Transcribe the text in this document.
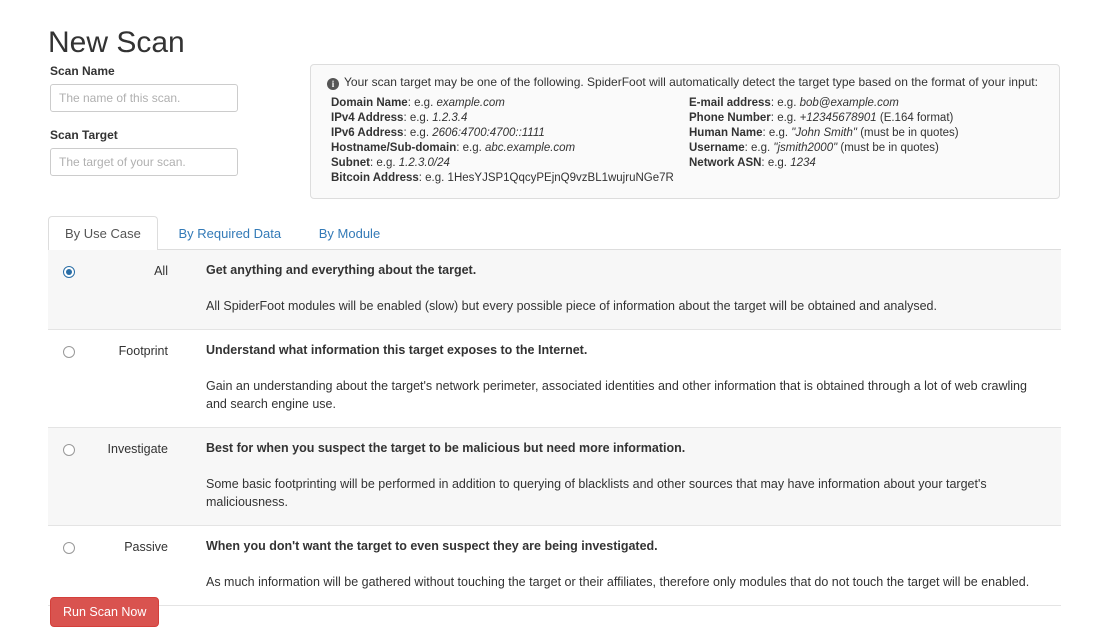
New Scan
Scan Name
The name of this scan.
Scan Target
The target of your scan.
i Your scan target may be one of the following. SpiderFoot will automatically detect the target type based on the format of your input:
Domain Name: e.g. example.com
IPv4 Address: e.g. 1.2.3.4
IPv6 Address: e.g. 2606:4700:4700::1111
Hostname/Sub-domain: e.g. abc.example.com
Subnet: e.g. 1.2.3.0/24
Bitcoin Address: e.g. 1HesYJSP1QqcyPEjnQ9vzBL1wujruNGe7R
E-mail address: e.g. bob@example.com
Phone Number: e.g. +12345678901 (E.164 format)
Human Name: e.g. "John Smith" (must be in quotes)
Username: e.g. "jsmith2000" (must be in quotes)
Network ASN: e.g. 1234
By Use Case	By Required Data	By Module
All	Get anything and everything about the target.
All SpiderFoot modules will be enabled (slow) but every possible piece of information about the target will be obtained and analysed.
Footprint	Understand what information this target exposes to the Internet.
Gain an understanding about the target's network perimeter, associated identities and other information that is obtained through a lot of web crawling and search engine use.
Investigate	Best for when you suspect the target to be malicious but need more information.
Some basic footprinting will be performed in addition to querying of blacklists and other sources that may have information about your target's maliciousness.
Passive	When you don't want the target to even suspect they are being investigated.
As much information will be gathered without touching the target or their affiliates, therefore only modules that do not touch the target will be enabled.
Run Scan Now
